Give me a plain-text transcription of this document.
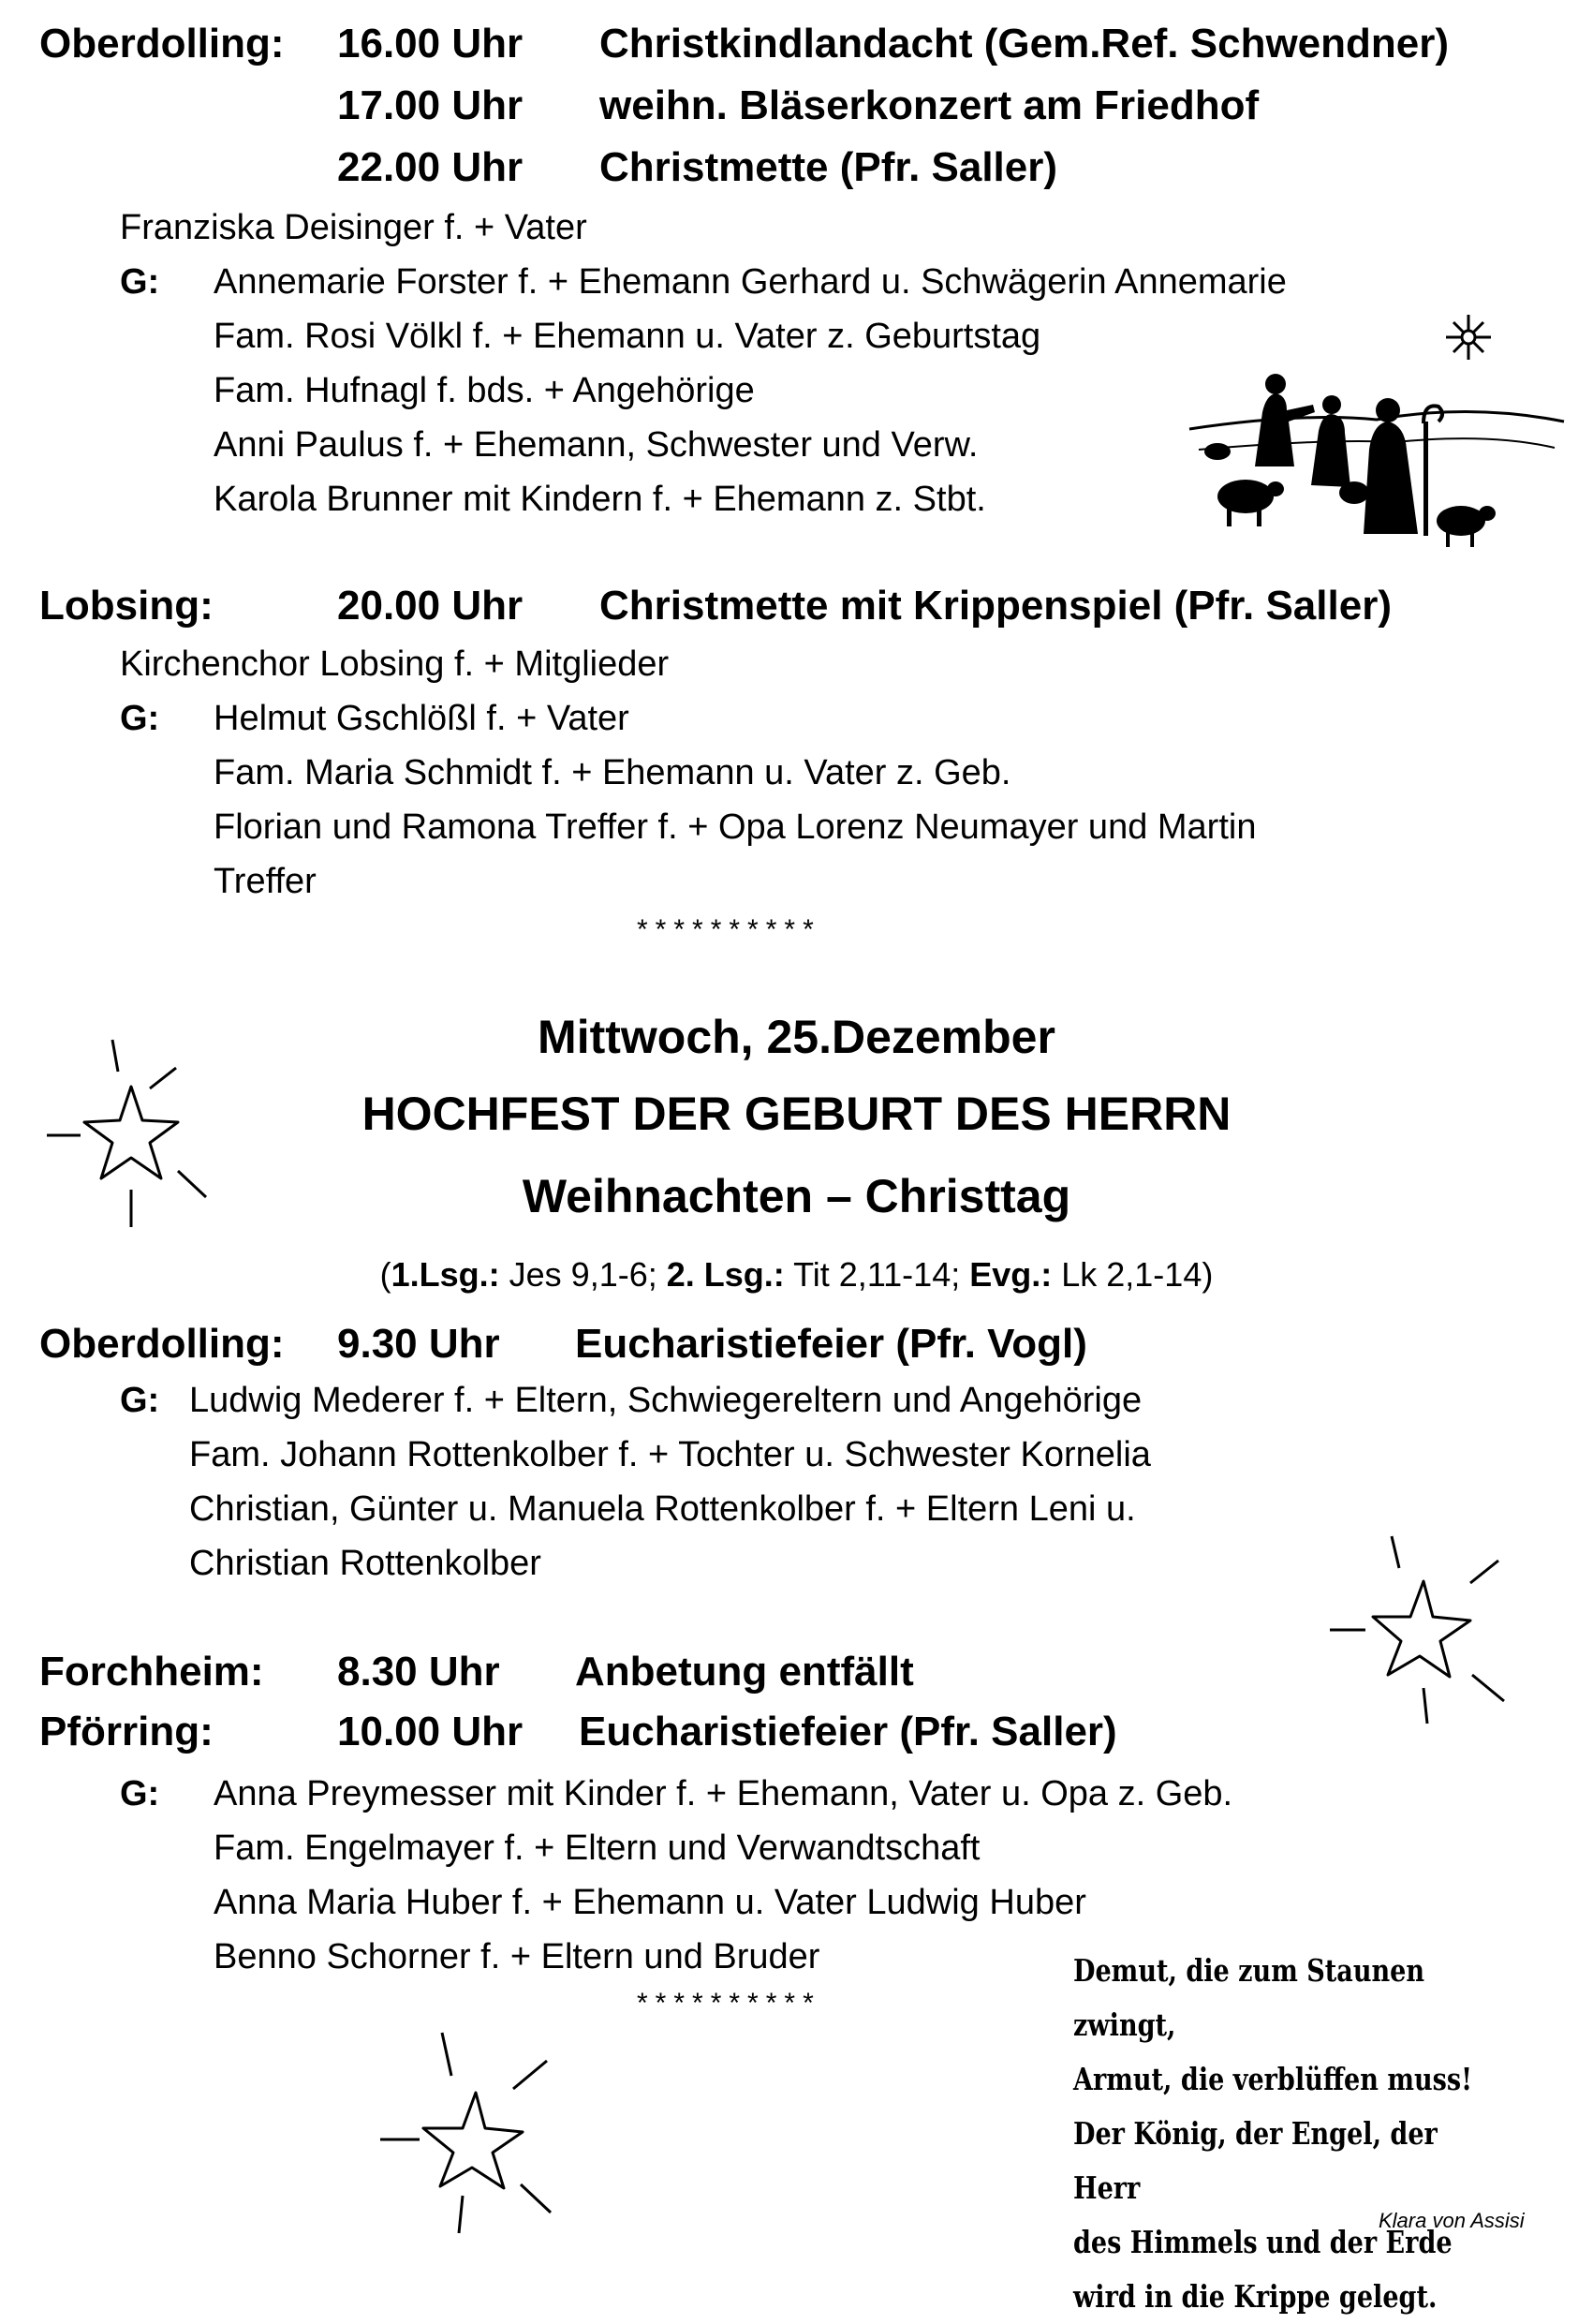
Oberdolling: 16.00 Uhr Christkindlandacht (Gem.Ref. Schwendner)
17.00 Uhr weihn. Bläserkonzert am Friedhof
22.00 Uhr Christmette (Pfr. Saller)
Franziska Deisinger f. + Vater
G: Annemarie Forster f. + Ehemann Gerhard u. Schwägerin Annemarie
Fam. Rosi Völkl f. + Ehemann u. Vater z. Geburtstag
Fam. Hufnagl f. bds. + Angehörige
Anni Paulus f. + Ehemann, Schwester und Verw.
Karola Brunner mit Kindern f. + Ehemann z. Stbt.
Lobsing:	20.00 Uhr Christmette mit Krippenspiel (Pfr. Saller)
Kirchenchor Lobsing f. + Mitglieder
G: Helmut Gschlößl f. + Vater
Fam. Maria Schmidt f. + Ehemann u. Vater z. Geb.
Florian und Ramona Treffer f. + Opa Lorenz Neumayer und Martin
Treffer
**********
Mittwoch, 25.Dezember
HOCHFEST DER GEBURT DES HERRN
Weihnachten – Christtag
(1.Lsg.: Jes 9,1-6; 2. Lsg.: Tit 2,11-14; Evg.: Lk 2,1-14)
Oberdolling: 9.30 Uhr Eucharistiefeier (Pfr. Vogl)
G: Ludwig Mederer f. + Eltern, Schwiegereltern und Angehörige
Fam. Johann Rottenkolber f. + Tochter u. Schwester Kornelia
Christian, Günter u. Manuela Rottenkolber f. + Eltern Leni u.
Christian Rottenkolber
Forchheim: 8.30 Uhr Anbetung entfällt
Pförring:	10.00 Uhr Eucharistiefeier (Pfr. Saller)
G: Anna Preymesser mit Kinder f. + Ehemann, Vater u. Opa z. Geb.
Fam. Engelmayer f. + Eltern und Verwandtschaft
Anna Maria Huber f. + Ehemann u. Vater Ludwig Huber
Benno Schorner f. + Eltern und Bruder
**********
Demut, die zum Staunen zwingt,
Armut, die verblüffen muss!
Der König, der Engel, der Herr
des Himmels und der Erde
wird in die Krippe gelegt.
Klara von Assisi
